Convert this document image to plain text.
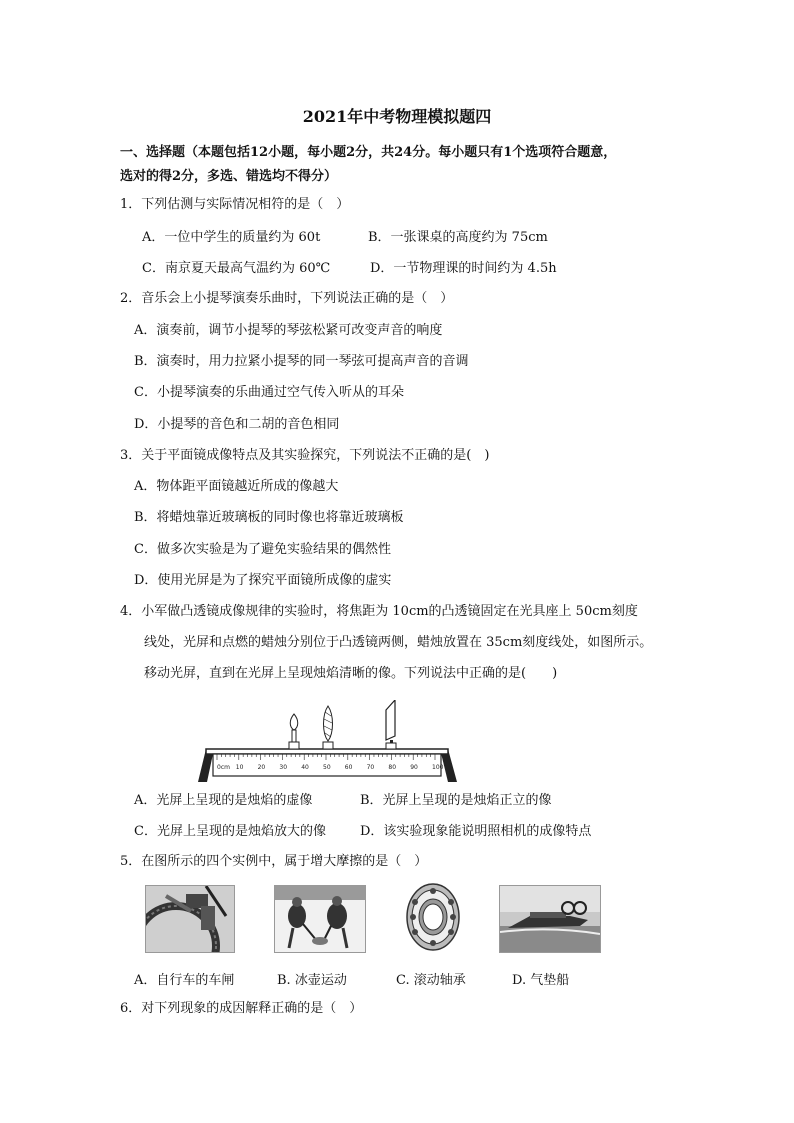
2021年中考物理模拟题四
一、选择题（本题包括12小题，每小题2分，共24分。每小题只有1个选项符合题意，
选对的得2分，多选、错选均不得分）
1．下列估测与实际情况相符的是（　）
A．一位中学生的质量约为 60t	B．一张课桌的高度约为 75cm
C．南京夏天最高气温约为 60℃	D．一节物理课的时间约为 4.5h
2．音乐会上小提琴演奏乐曲时，下列说法正确的是（　）
A．演奏前，调节小提琴的琴弦松紧可改变声音的响度
B．演奏时，用力拉紧小提琴的同一琴弦可提高声音的音调
C．小提琴演奏的乐曲通过空气传入听从的耳朵
D．小提琴的音色和二胡的音色相同
3．关于平面镜成像特点及其实验探究，下列说法不正确的是(　)
A．物体距平面镜越近所成的像越大
B．将蜡烛靠近玻璃板的同时像也将靠近玻璃板
C．做多次实验是为了避免实验结果的偶然性
D．使用光屏是为了探究平面镜所成像的虚实
4．小军做凸透镜成像规律的实验时，将焦距为 10cm的凸透镜固定在光具座上 50cm刻度
线处，光屏和点燃的蜡烛分别位于凸透镜两侧，蜡烛放置在 35cm刻度线处，如图所示。
移动光屏，直到在光屏上呈现烛焰清晰的像。下列说法中正确的是(　　)
0cm 10 20 30 40 50 60 70 80 90 100
A．光屏上呈现的是烛焰的虚像	B．光屏上呈现的是烛焰正立的像
C．光屏上呈现的是烛焰放大的像	D．该实验现象能说明照相机的成像特点
5．在图所示的四个实例中，属于增大摩擦的是（　）
A．自行车的车闸	B. 冰壶运动	C. 滚动轴承	D. 气垫船
6．对下列现象的成因解释正确的是（　）
